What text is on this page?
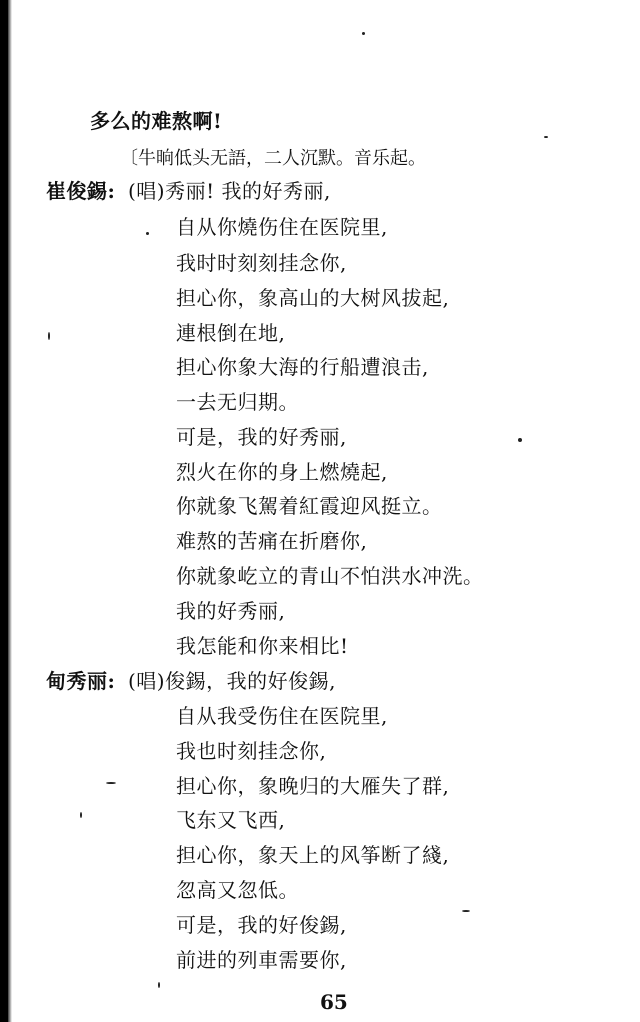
多么的难熬啊!
〔牛晌低头无語，二人沉默。音乐起。
崔俊錫: (唱)秀丽! 我的好秀丽,
自从你燒伤住在医院里,
我时时刻刻挂念你,
担心你，象高山的大树风拔起,
連根倒在地,
担心你象大海的行船遭浪击,
一去无归期。
可是，我的好秀丽,
烈火在你的身上燃燒起,
你就象飞駕着紅霞迎风挺立。
难熬的苦痛在折磨你,
你就象屹立的青山不怕洪水冲洗。
我的好秀丽,
我怎能和你来相比!
甸秀丽: (唱)俊錫，我的好俊錫,
自从我受伤住在医院里,
我也时刻挂念你,
担心你，象晚归的大雁失了群,
飞东又飞西,
担心你，象天上的风筝断了綫,
忽高又忽低。
可是，我的好俊錫,
前进的列車需要你,
65
